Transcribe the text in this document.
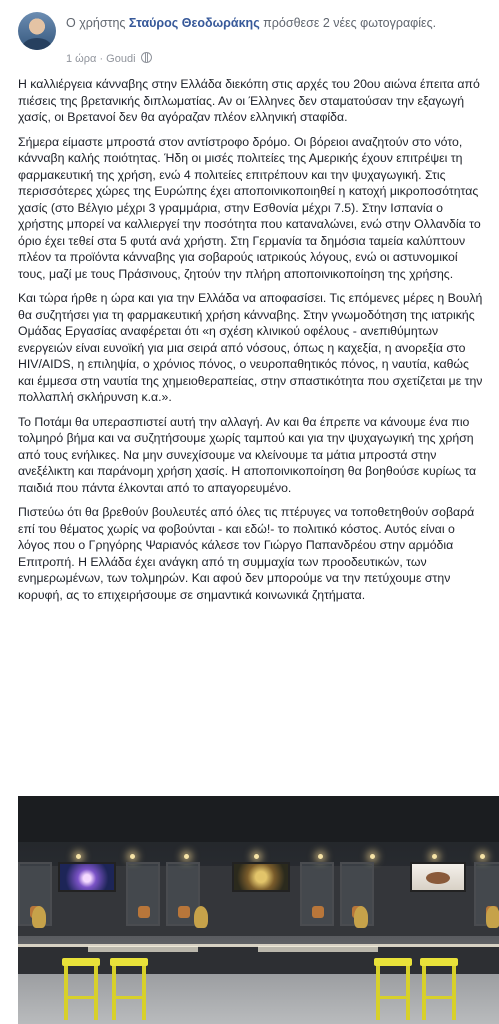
Ο χρήστης Σταύρος Θεοδωράκης πρόσθεσε 2 νέες φωτογραφίες.
1 ώρα · Goudi

Η καλλιέργεια κάνναβης στην Ελλάδα διεκόπη στις αρχές του 20ου αιώνα έπειτα από πιέσεις της βρετανικής διπλωματίας. Αν οι Έλληνες δεν σταματούσαν την εξαγωγή χασίς, οι Βρετανοί δεν θα αγόραζαν πλέον ελληνική σταφίδα.

Σήμερα είμαστε μπροστά στον αντίστροφο δρόμο. Οι βόρειοι αναζητούν στο νότο, κάνναβη καλής ποιότητας. Ήδη οι μισές πολιτείες της Αμερικής έχουν επιτρέψει τη φαρμακευτική της χρήση, ενώ 4 πολιτείες επιτρέπουν και την ψυχαγωγική. Στις περισσότερες χώρες της Ευρώπης έχει αποποινικοποιηθεί η κατοχή μικροποσότητας χασίς (στο Βέλγιο μέχρι 3 γραμμάρια, στην Εσθονία μέχρι 7.5). Στην Ισπανία ο χρήστης μπορεί να καλλιεργεί την ποσότητα που καταναλώνει, ενώ στην Ολλανδία το όριο έχει τεθεί στα 5 φυτά ανά χρήστη. Στη Γερμανία τα δημόσια ταμεία καλύπτουν πλέον τα προϊόντα κάνναβης για σοβαρούς ιατρικούς λόγους, ενώ οι αστυνομικοί τους, μαζί με τους Πράσινους, ζητούν την πλήρη αποποινικοποίηση της χρήσης.

Και τώρα ήρθε η ώρα και για την Ελλάδα να αποφασίσει. Τις επόμενες μέρες η Βουλή θα συζητήσει για τη φαρμακευτική χρήση κάνναβης. Στην γνωμοδότηση της ιατρικής Ομάδας Εργασίας αναφέρεται ότι «η σχέση κλινικού οφέλους - ανεπιθύμητων ενεργειών είναι ευνοϊκή για μια σειρά από νόσους, όπως η καχεξία, η ανορεξία στο HIV/AIDS, η επιληψία, ο χρόνιος πόνος, ο νευροπαθητικός πόνος, η ναυτία, καθώς και έμμεσα στη ναυτία της χημειοθεραπείας, στην σπαστικότητα που σχετίζεται με την πολλαπλή σκλήρυνση κ.α.».

Το Ποτάμι θα υπερασπιστεί αυτή την αλλαγή. Αν και θα έπρεπε να κάνουμε ένα πιο τολμηρό βήμα και να συζητήσουμε χωρίς ταμπού και για την ψυχαγωγική της χρήση από τους ενήλικες. Να μην συνεχίσουμε να κλείνουμε τα μάτια μπροστά στην ανεξέλικτη και παράνομη χρήση χασίς. Η αποποινικοποίηση θα βοηθούσε κυρίως τα παιδιά που πάντα έλκονται από το απαγορευμένο.

Πιστεύω ότι θα βρεθούν βουλευτές από όλες τις πτέρυγες να τοποθετηθούν σοβαρά επί του θέματος χωρίς να φοβούνται - και εδώ!- το πολιτικό κόστος. Αυτός είναι ο λόγος που ο Γρηγόρης Ψαριανός κάλεσε τον Γιώργο Παπανδρέου στην αρμόδια Επιτροπή. Η Ελλάδα έχει ανάγκη από τη συμμαχία των προοδευτικών, των ενημερωμένων, των τολμηρών. Και αφού δεν μπορούμε να την πετύχουμε στην κορυφή, ας το επιχειρήσουμε σε σημαντικά κοινωνικά ζητήματα.
